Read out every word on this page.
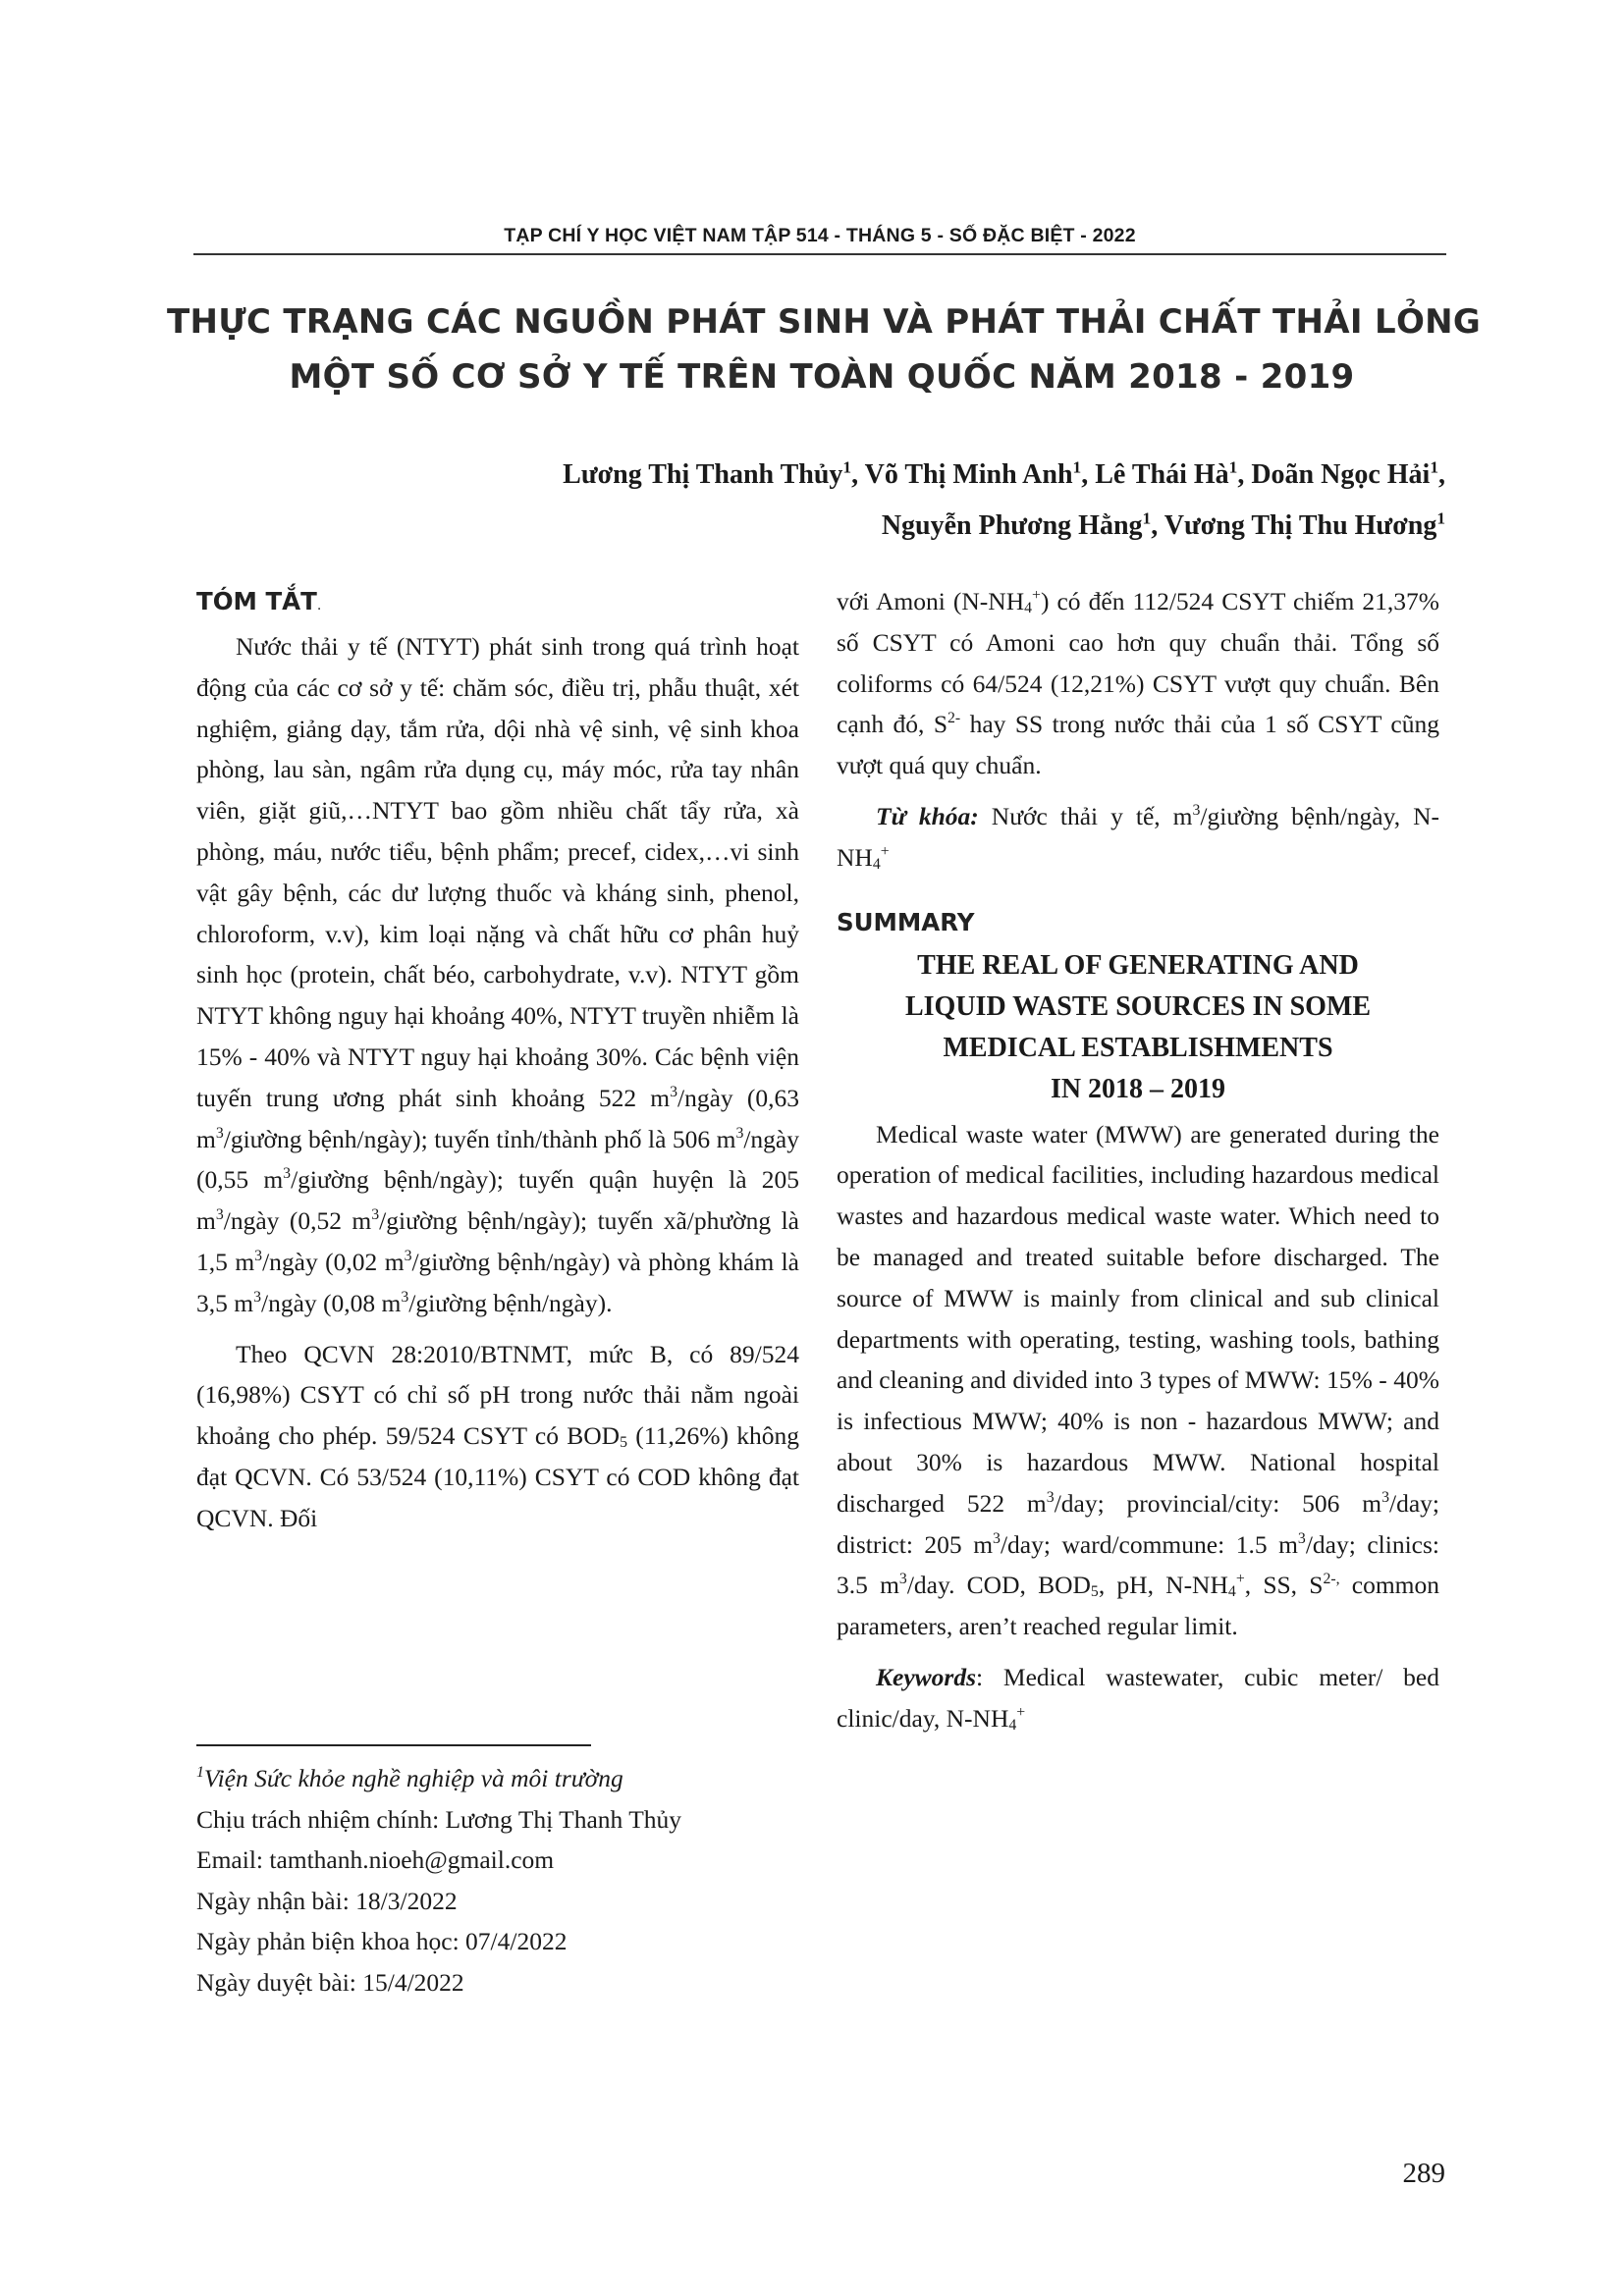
TẠP CHÍ Y HỌC VIỆT NAM TẬP 514 - THÁNG 5 - SỐ ĐẶC BIỆT - 2022
THỰC TRẠNG CÁC NGUỒN PHÁT SINH VÀ PHÁT THẢI CHẤT THẢI LỎNG
MỘT SỐ CƠ SỞ Y TẾ TRÊN TOÀN QUỐC NĂM 2018 - 2019
Lương Thị Thanh Thủy$^1$, Võ Thị Minh Anh$^1$, Lê Thái $Hà^1$, Doãn Ngọc Hải$^1$,
Nguyễn Phương Hằng$^1$, Vương Thị Thu Hương$^1$
TÓM TẮT.

Nước thải y tế (NTYT) phát sinh trong quá trình hoạt động của các cơ sở y tế: chăm sóc, điều trị, phẫu thuật, xét nghiệm, giảng dạy, tắm rửa, dội nhà vệ sinh, vệ sinh khoa phòng, lau sàn, ngâm rửa dụng cụ, máy móc, rửa tay nhân viên, giặt giũ,…NTYT bao gồm nhiều chất tẩy rửa, xà phòng, máu, nước tiểu, bệnh phẩm; precef, cidex,…vi sinh vật gây bệnh, các dư lượng thuốc và kháng sinh, phenol, chloroform, v.v), kim loại nặng và chất hữu cơ phân huỷ sinh học (protein, chất béo, carbohydrate, v.v). NTYT gồm NTYT không nguy hại khoảng 40%, NTYT truyền nhiễm là 15% - 40% và NTYT nguy hại khoảng 30%. Các bệnh viện tuyến trung ương phát sinh khoảng 522 $m^3$/ngày (0,63 $m^3$/giường bệnh/ngày); tuyến tỉnh/thành phố là 506 $m^3$/ngày (0,55 $m^3$/giường bệnh/ngày); tuyến quận huyện là 205 $m^3$/ngày (0,52 $m^3$/giường bệnh/ngày); tuyến xã/phường là 1,5 $m^3$/ngày (0,02 $m^3$/giường bệnh/ngày) và phòng khám là 3,5 $m^3$/ngày (0,08 $m^3$/giường bệnh/ngày).

Theo QCVN 28:2010/BTNMT, mức B, có 89/524 (16,98%) CSYT có chỉ số pH trong nước thải nằm ngoài khoảng cho phép. 59/524 CSYT có $BOD_5$ (11,26%) không đạt QCVN. Có 53/524 (10,11%) CSYT có COD không đạt QCVN. Đối

$^1$Viện Sức khỏe nghề nghiệp và môi trường
Chịu trách nhiệm chính: Lương Thị Thanh Thủy
Email: tamthanh.nioeh@gmail.com
Ngày nhận bài: 18/3/2022
Ngày phản biện khoa học: 07/4/2022
Ngày duyệt bài: 15/4/2022

với Amoni $(N-NH_4^+)$ có đến 112/524 CSYT chiếm 21,37% số CSYT có Amoni cao hơn quy chuẩn thải. Tổng số coliforms có 64/524 (12,21%) CSYT vượt quy chuẩn. Bên cạnh đó, $S^{2-}$ hay SS trong nước thải của 1 số CSYT cũng vượt quá quy chuẩn.

Từ khóa: Nước thải y tế, $m^3$/giường bệnh/ngày, $N-NH_4^+$

SUMMARY
THE REAL OF GENERATING AND
LIQUID WASTE SOURCES IN SOME
MEDICAL ESTABLISHMENTS
IN 2018 – 2019

Medical waste water (MWW) are generated during the operation of medical facilities, including hazardous medical wastes and hazardous medical waste water. Which need to be managed and treated suitable before discharged. The source of MWW is mainly from clinical and sub clinical departments with operating, testing, washing tools, bathing and cleaning and divided into 3 types of MWW: 15% - 40% is infectious MWW; 40% is non - hazardous MWW; and about 30% is hazardous MWW. National hospital discharged 522 $m^3$/day; provincial/city: 506 $m^3$/day; district: 205 $m^3$/day; ward/commune: 1.5 $m^3$/day; clinics: 3.5 $m^3$/day. COD, $BOD_5$, pH, $N-NH_4^+$, SS, $S^{2-,}$ common parameters, aren’t reached regular limit.

Keywords: Medical wastewater, cubic meter/ bed clinic/day, $N-NH_4^+$

289
